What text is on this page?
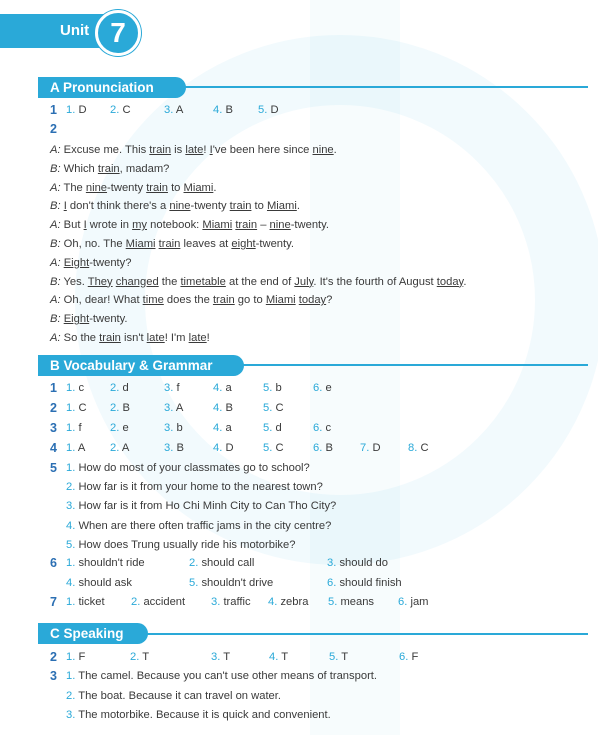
Unit 7
A Pronunciation
1 1. D 2. C	3. A	4. B 5. D
2
A: Excuse me. This train is late! I've been here since nine.
B: Which train, madam?
A: The nine-twenty train to Miami.
B: I don't think there's a nine-twenty train to Miami.
A: But I wrote in my notebook: Miami train – nine-twenty.
B: Oh, no. The Miami train leaves at eight-twenty.
A: Eight-twenty?
B: Yes. They changed the timetable at the end of July. It's the fourth of August today.
A: Oh, dear! What time does the train go to Miami today?
B: Eight-twenty.
A: So the train isn't late! I'm late!
B Vocabulary & Grammar
1 1. c 2. d	3. f	4. a	5. b	6. e
2 1. C 2. B	3. A	4. B	5. C
3 1. f	2. e	3. b	4. a	5. d	6. c
4 1. A 2. A	3. B	4. D	5. C	6. B 7. D 8. C
5 1. How do most of your classmates go to school?
2. How far is it from your home to the nearest town?
3. How far is it from Ho Chi Minh City to Can Tho City?
4. When are there often traffic jams in the city centre?
5. How does Trung usually ride his motorbike?
6 1. shouldn't ride	2. should call	3. should do
4. should ask	5. shouldn't drive	6. should finish
7 1. ticket 2. accident 3. traffic 4. zebra 5. means 6. jam
C Speaking
2 1. F	2. T	3. T	4. T	5. T	6. F
3 1. The camel. Because you can't use other means of transport.
2. The boat. Because it can travel on water.
3. The motorbike. Because it is quick and convenient.
